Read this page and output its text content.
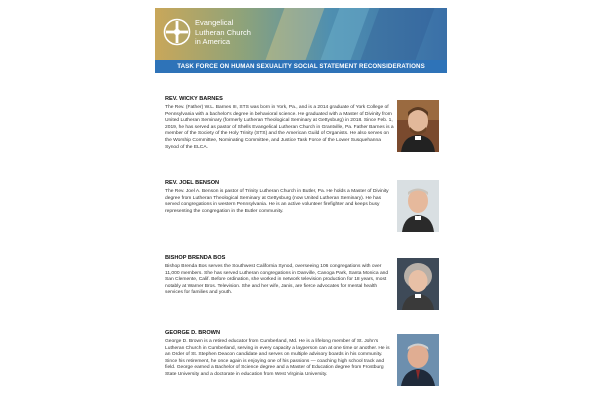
Evangelical
Lutheran Church
in America
TASK FORCE ON HUMAN SEXUALITY SOCIAL STATEMENT RECONSIDERATIONS
REV. WICKY BARNES
The Rev. (Father) W.L. Barnes III, STS was born in York, Pa., and is a 2014 graduate of York College of Pennsylvania with a bachelor's degree in behavioral science. He graduated with a Master of Divinity from United Lutheran Seminary (formerly Lutheran Theological Seminary at Gettysburg) in 2018. Since Feb. 1, 2019, he has served as pastor of Shells Evangelical Lutheran Church in Grantville, Pa. Father Barnes is a member of the Society of the Holy Trinity (STS) and the American Guild of Organists. He also serves on the Worship Committee, Nominating Committee, and Justice Task Force of the Lower Susquehanna Synod of the ELCA.
REV. JOEL BENSON
The Rev. Joel A. Benson is pastor of Trinity Lutheran Church in Butler, Pa. He holds a Master of Divinity degree from Lutheran Theological Seminary at Gettysburg (now United Lutheran Seminary). He has served congregations in western Pennsylvania. He is an active volunteer firefighter and keeps busy representing the congregation in the Butler community.
BISHOP BRENDA BOS
Bishop Brenda Bos serves the Southwest California Synod, overseeing 106 congregations with over 11,000 members. She has served Lutheran congregations in Danville, Canoga Park, Santa Monica and San Clemente, Calif. Before ordination, she worked in network television production for 18 years, most notably at Warner Bros. Television. She and her wife, Janis, are fierce advocates for mental health services for families and youth.
GEORGE D. BROWN
George D. Brown is a retired educator from Cumberland, Md. He is a lifelong member of St. John's Lutheran Church in Cumberland, serving in every capacity a layperson can at one time or another. He is an Order of St. Stephen Deacon candidate and serves on multiple advisory boards in his community. Since his retirement, he once again is enjoying one of his passions — coaching high school track and field. George earned a Bachelor of Science degree and a Master of Education degree from Frostburg State University and a doctorate in education from West Virginia University.
